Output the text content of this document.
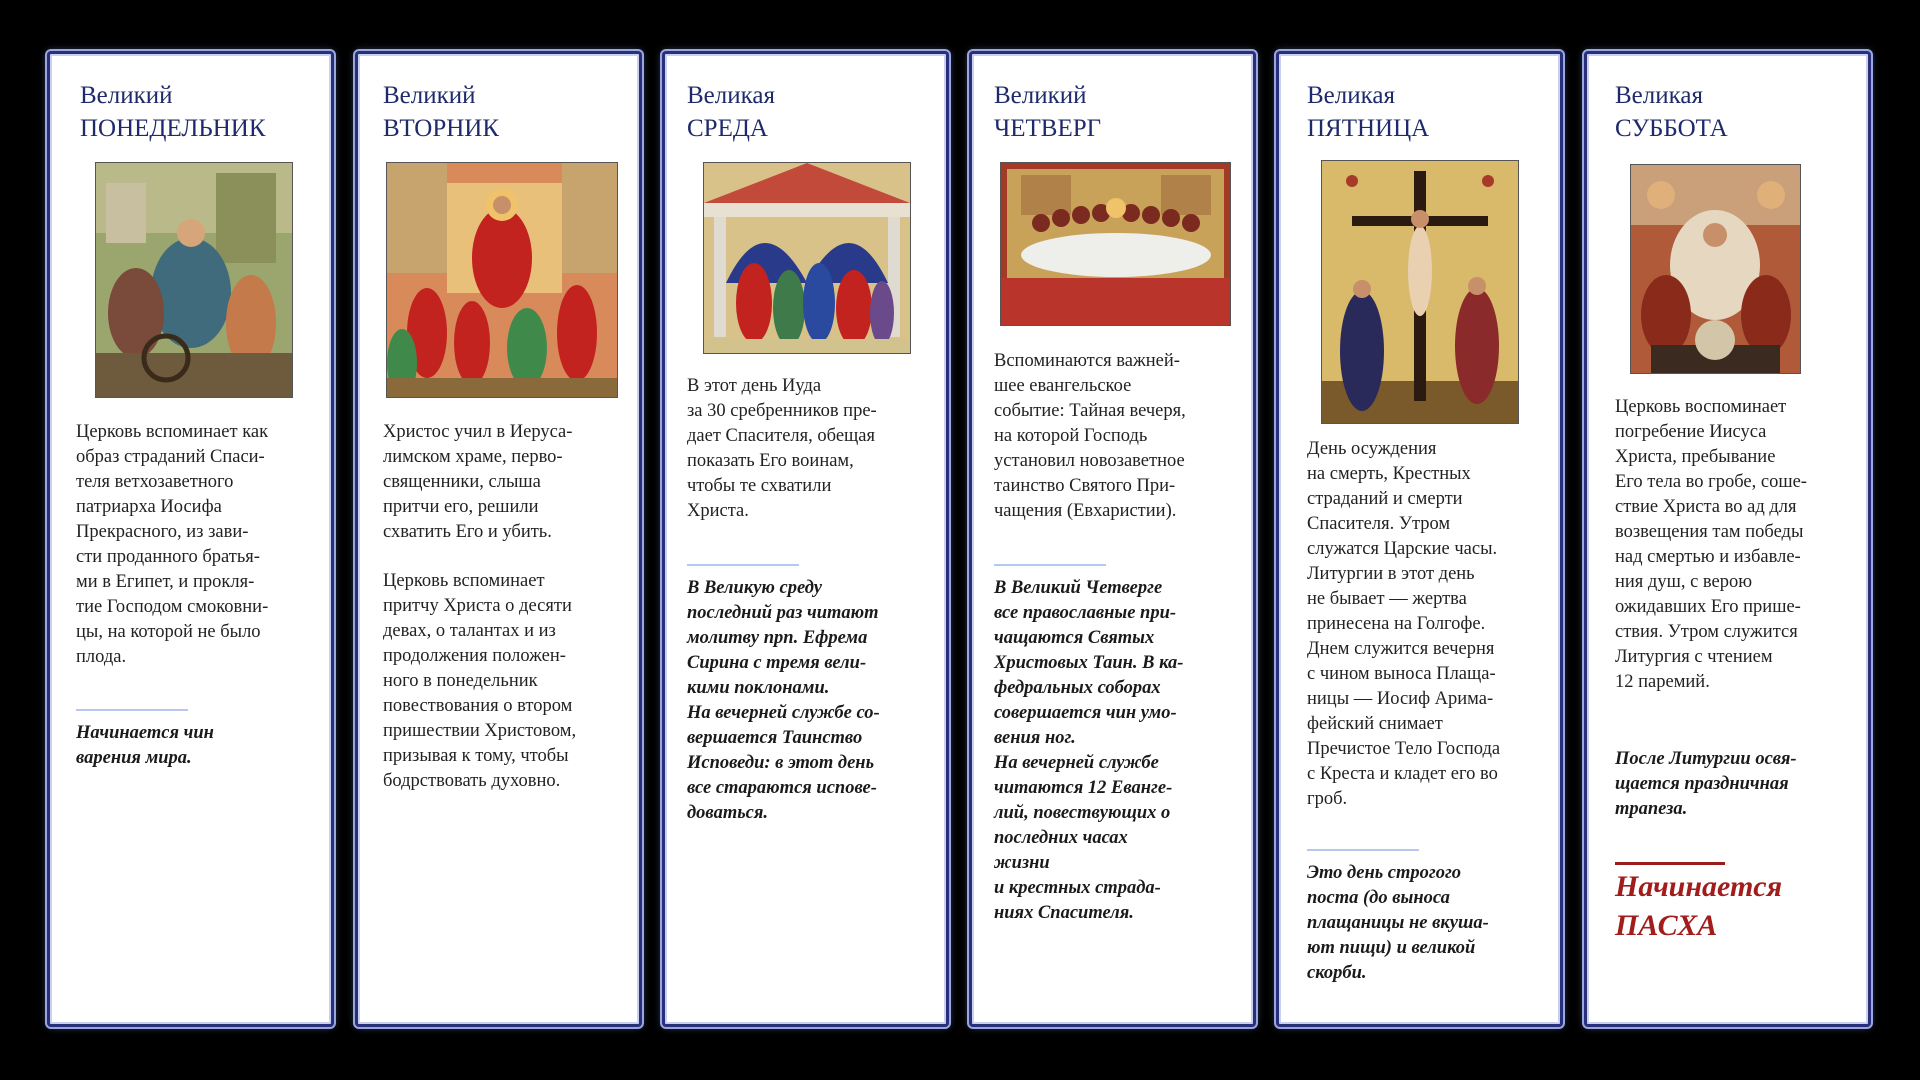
Великий

ПОНЕДЕЛЬНИК
Церковь вспоминает как
образ страданий Спаси-
теля ветхозаветного
патриарха Иосифа
Прекрасного, из зави-
сти проданного братья-
ми в Египет, и прокля-
тие Господом смоковни-
цы, на которой не было
плода.
Начинается чин
варения мира.
Великий

ВТОРНИК
Христос учил в Иеруса-
лимском храме, перво-
священники, слыша
притчи его, решили
схватить Его и убить.
Церковь вспоминает
притчу Христа о десяти
девах, о талантах и из
продолжения положен-
ного в понедельник
повествования о втором
пришествии Христовом,
призывая к тому, чтобы
бодрствовать духовно.
Великая

СРЕДА
В этот день Иуда
за 30 сребренников пре-
дает Спасителя, обещая
показать Его воинам,
чтобы те схватили
Христа.
В Великую среду
последний раз читают
молитву прп. Ефрема
Сирина с тремя вели-
кими поклонами.
На вечерней службе со-
вершается Таинство
Исповеди: в этот день
все стараются испове-
доваться.
Великий

ЧЕТВЕРГ
Вспоминаются важней-
шее евангельское
событие: Тайная вечеря,
на которой Господь
установил новозаветное
таинство Святого При-
чащения (Евхаристии).
В Великий Четверге
все православные при-
чащаются Святых
Христовых Таин. В ка-
федральных соборах
совершается чин умо-
вения ног.
На вечерней службе
читаются 12 Еванге-
лий, повествующих о
последних часах
жизни
и крестных страда-
ниях Спасителя.
Великая

ПЯТНИЦА
День осуждения
на смерть, Крестных
страданий и смерти
Спасителя. Утром
служатся Царские часы.
Литургии в этот день
не бывает — жертва
принесена на Голгофе.
Днем служится вечерня
с чином выноса Плаща-
ницы — Иосиф Арима-
фейский снимает
Пречистое Тело Господа
с Креста и кладет его во
гроб.
Это день строгого
поста (до выноса
плащаницы не вкуша-
ют пищи) и великой
скорби.
Великая

СУББОТА
Церковь воспоминает
погребение Иисуса
Христа, пребывание
Его тела во гробе, соше-
ствие Христа во ад для
возвещения там победы
над смертью и избавле-
ния душ, с верою
ожидавших Его прише-
ствия. Утром служится
Литургия с чтением
12 паремий.
После Литургии освя-
щается праздничная
трапеза.
Начинается
ПАСХА
